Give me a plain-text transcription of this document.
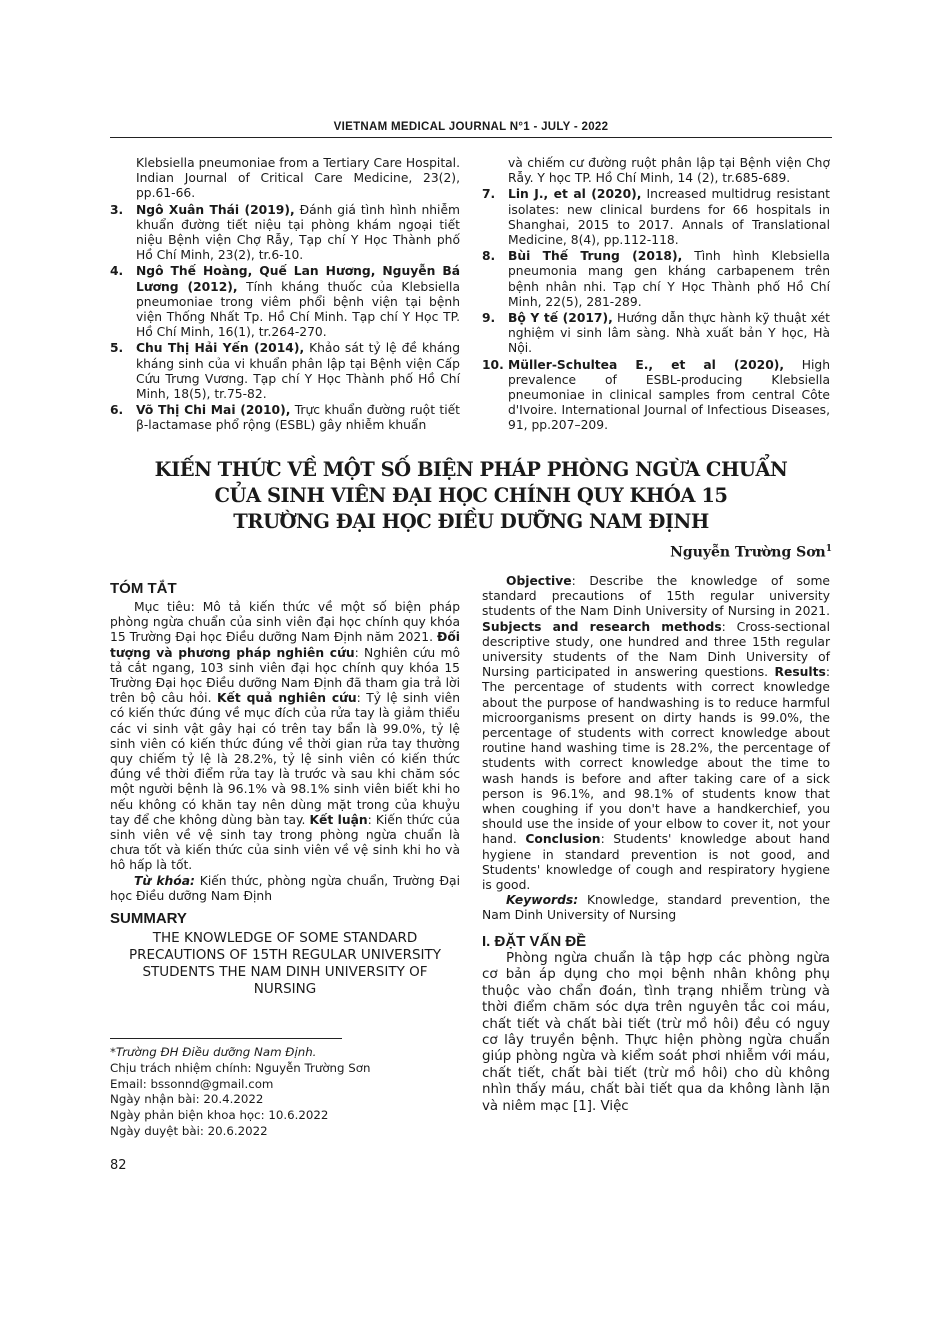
VIETNAM MEDICAL JOURNAL N°1 - JULY - 2022
Klebsiella pneumoniae from a Tertiary Care Hospital. Indian Journal of Critical Care Medicine, 23(2), pp.61-66.
3. Ngô Xuân Thái (2019), Đánh giá tình hình nhiễm khuẩn đường tiết niệu tại phòng khám ngoại tiết niệu Bệnh viện Chợ Rẫy, Tạp chí Y Học Thành phố Hồ Chí Minh, 23(2), tr.6-10.
4. Ngô Thế Hoàng, Quế Lan Hương, Nguyễn Bá Lương (2012), Tính kháng thuốc của Klebsiella pneumoniae trong viêm phổi bệnh viện tại bệnh viện Thống Nhất Tp. Hồ Chí Minh. Tạp chí Y Học TP. Hồ Chí Minh, 16(1), tr.264-270.
5. Chu Thị Hải Yến (2014), Khảo sát tỷ lệ đề kháng kháng sinh của vi khuẩn phân lập tại Bệnh viện Cấp Cứu Trưng Vương. Tạp chí Y Học Thành phố Hồ Chí Minh, 18(5), tr.75-82.
6. Võ Thị Chi Mai (2010), Trực khuẩn đường ruột tiết β-lactamase phổ rộng (ESBL) gây nhiễm khuẩn
và chiếm cư đường ruột phân lập tại Bệnh viện Chợ Rẫy. Y học TP. Hồ Chí Minh, 14 (2), tr.685-689.
7. Lin J., et al (2020), Increased multidrug resistant isolates: new clinical burdens for 66 hospitals in Shanghai, 2015 to 2017. Annals of Translational Medicine, 8(4), pp.112-118.
8. Bùi Thế Trung (2018), Tình hình Klebsiella pneumonia mang gen kháng carbapenem trên bệnh nhân nhi. Tạp chí Y Học Thành phố Hồ Chí Minh, 22(5), 281-289.
9. Bộ Y tế (2017), Hướng dẫn thực hành kỹ thuật xét nghiệm vi sinh lâm sàng. Nhà xuất bản Y học, Hà Nội.
10. Müller-Schultea E., et al (2020), High prevalence of ESBL-producing Klebsiella pneumoniae in clinical samples from central Côte d'Ivoire. International Journal of Infectious Diseases, 91, pp.207–209.
KIẾN THỨC VỀ MỘT SỐ BIỆN PHÁP PHÒNG NGỪA CHUẨN
CỦA SINH VIÊN ĐẠI HỌC CHÍNH QUY KHÓA 15
TRƯỜNG ĐẠI HỌC ĐIỀU DƯỠNG NAM ĐỊNH
Nguyễn Trường Sơn$^1$
TÓM TẮT

Mục tiêu: Mô tả kiến thức về một số biện pháp phòng ngừa chuẩn của sinh viên đại học chính quy khóa 15 Trường Đại học Điều dưỡng Nam Định năm 2021. Đối tượng và phương pháp nghiên cứu: Nghiên cứu mô tả cắt ngang, 103 sinh viên đại học chính quy khóa 15 Trường Đại học Điều dưỡng Nam Định đã tham gia trả lời trên bộ câu hỏi. Kết quả nghiên cứu: Tỷ lệ sinh viên có kiến thức đúng về mục đích của rửa tay là giảm thiểu các vi sinh vật gây hại có trên tay bẩn là 99.0%, tỷ lệ sinh viên có kiến thức đúng về thời gian rửa tay thường quy chiếm tỷ lệ là 28.2%, tỷ lệ sinh viên có kiến thức đúng về thời điểm rửa tay là trước và sau khi chăm sóc một người bệnh là 96.1% và 98.1% sinh viên biết khi ho nếu không có khăn tay nên dùng mặt trong của khuỷu tay để che không dùng bàn tay. Kết luận: Kiến thức của sinh viên về vệ sinh tay trong phòng ngừa chuẩn là chưa tốt và kiến thức của sinh viên về vệ sinh khi ho và hô hấp là tốt.

Từ khóa: Kiến thức, phòng ngừa chuẩn, Trường Đại học Điều dưỡng Nam Định

SUMMARY

THE KNOWLEDGE OF SOME STANDARD PRECAUTIONS OF 15TH REGULAR UNIVERSITY STUDENTS THE NAM DINH UNIVERSITY OF NURSING

*Trường ĐH Điều dưỡng Nam Định.

Chịu trách nhiệm chính: Nguyễn Trường Sơn

Email: bssonnd@gmail.com

Ngày nhận bài: 20.4.2022

Ngày phản biện khoa học: 10.6.2022

Ngày duyệt bài: 20.6.2022

Objective: Describe the knowledge of some standard precautions of 15th regular university students of the Nam Dinh University of Nursing in 2021. Subjects and research methods: Cross-sectional descriptive study, one hundred and three 15th regular university students of the Nam Dinh University of Nursing participated in answering questions. Results: The percentage of students with correct knowledge about the purpose of handwashing is to reduce harmful microorganisms present on dirty hands is 99.0%, the percentage of students with correct knowledge about routine hand washing time is 28.2%, the percentage of students with correct knowledge about the time to wash hands is before and after taking care of a sick person is 96.1%, and 98.1% of students know that when coughing if you don't have a handkerchief, you should use the inside of your elbow to cover it, not your hand. Conclusion: Students' knowledge about hand hygiene in standard prevention is not good, and Students' knowledge of cough and respiratory hygiene is good.

Keywords: Knowledge, standard prevention, the Nam Dinh University of Nursing

I. ĐẶT VẤN ĐỀ

Phòng ngừa chuẩn là tập hợp các phòng ngừa cơ bản áp dụng cho mọi bệnh nhân không phụ thuộc vào chẩn đoán, tình trạng nhiễm trùng và thời điểm chăm sóc dựa trên nguyên tắc coi máu, chất tiết và chất bài tiết (trừ mồ hôi) đều có nguy cơ lây truyền bệnh. Thực hiện phòng ngừa chuẩn giúp phòng ngừa và kiểm soát phơi nhiễm với máu, chất tiết, chất bài tiết (trừ mồ hôi) cho dù không nhìn thấy máu, chất bài tiết qua da không lành lặn và niêm mạc [1]. Việc

82
